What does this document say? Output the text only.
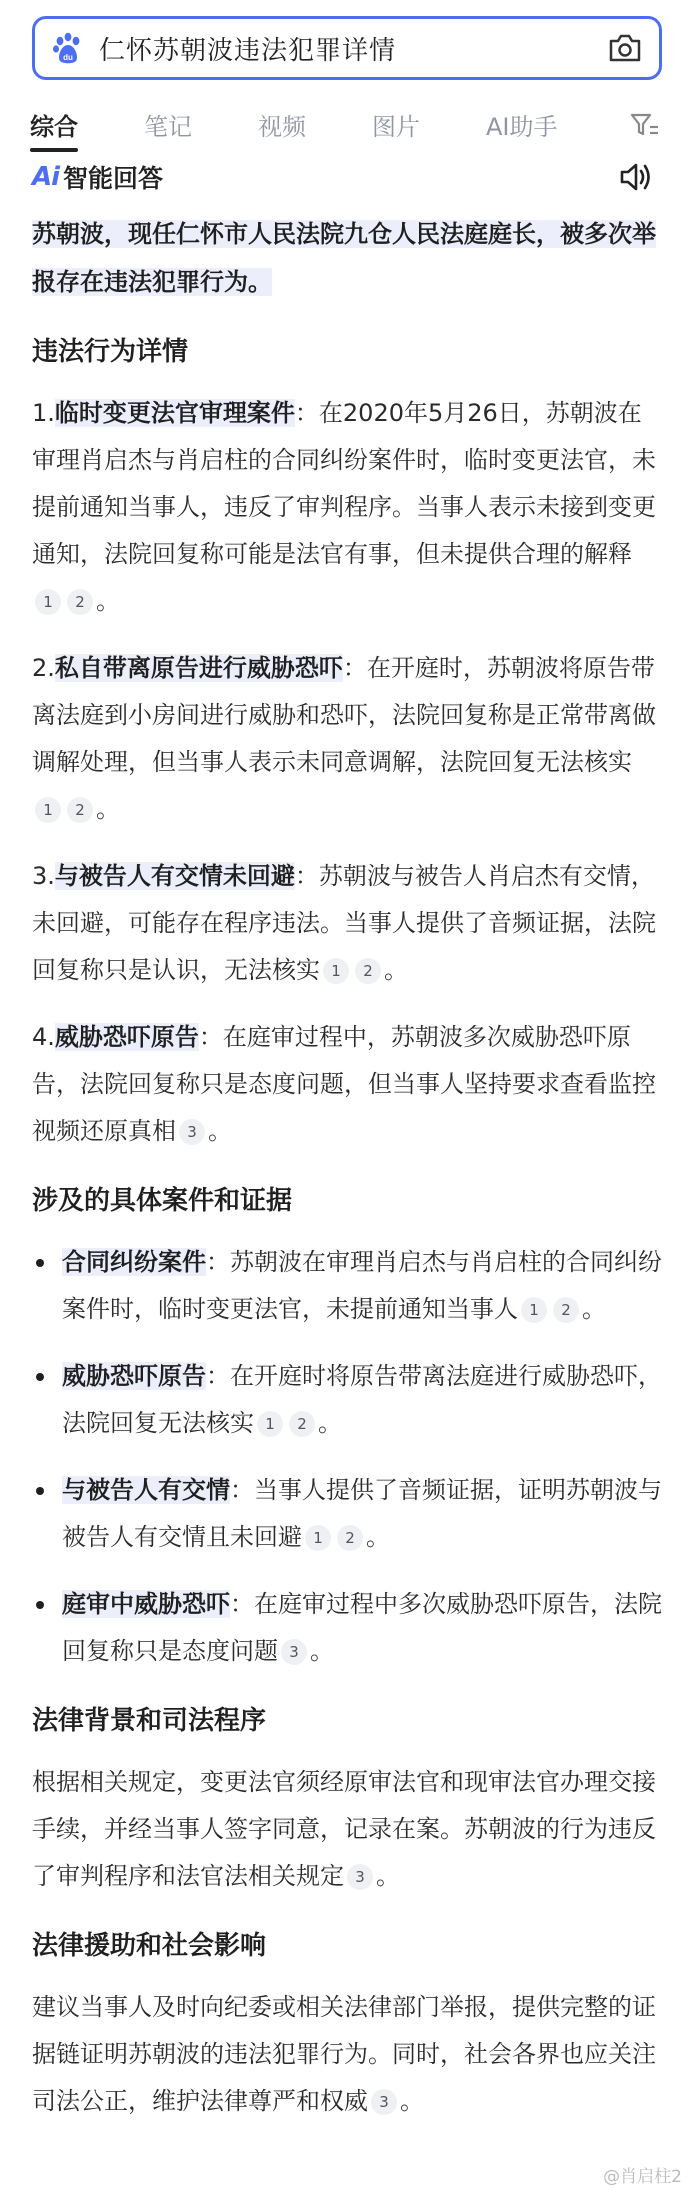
du 仁怀苏朝波违法犯罪详情
综合	笔记	视频	图片	AI助手
Ai 智能回答
苏朝波，现任仁怀市人民法院九仓人民法庭庭长，被多次举报存在违法犯罪行为。
违法行为详情
1.临时变更法官审理案件：在2020年5月26日，苏朝波在审理肖启杰与肖启柱的合同纠纷案件时，临时变更法官，未提前通知当事人，违反了审判程序。当事人表示未接到变更通知，法院回复称可能是法官有事，但未提供合理的解释1 2 。
2.私自带离原告进行威胁恐吓：在开庭时，苏朝波将原告带离法庭到小房间进行威胁和恐吓，法院回复称是正常带离做调解处理，但当事人表示未同意调解，法院回复无法核实1 2 。
3.与被告人有交情未回避：苏朝波与被告人肖启杰有交情，未回避，可能存在程序违法。当事人提供了音频证据，法院回复称只是认识，无法核实 1 2 。
4.威胁恐吓原告：在庭审过程中，苏朝波多次威胁恐吓原告，法院回复称只是态度问题，但当事人坚持要求查看监控视频还原真相 3 。
涉及的具体案件和证据
合同纠纷案件：苏朝波在审理肖启杰与肖启柱的合同纠纷案件时，临时变更法官，未提前通知当事人 1 2 。
威胁恐吓原告：在开庭时将原告带离法庭进行威胁恐吓，法院回复无法核实 1 2 。
与被告人有交情：当事人提供了音频证据，证明苏朝波与被告人有交情且未回避 1 2 。
庭审中威胁恐吓：在庭审过程中多次威胁恐吓原告，法院回复称只是态度问题 3 。
法律背景和司法程序
根据相关规定，变更法官须经原审法官和现审法官办理交接手续，并经当事人签字同意，记录在案。苏朝波的行为违反了审判程序和法官法相关规定 3 。
法律援助和社会影响
建议当事人及时向纪委或相关法律部门举报，提供完整的证据链证明苏朝波的违法犯罪行为。同时，社会各界也应关注司法公正，维护法律尊严和权威 3 。
@肖启柱2
